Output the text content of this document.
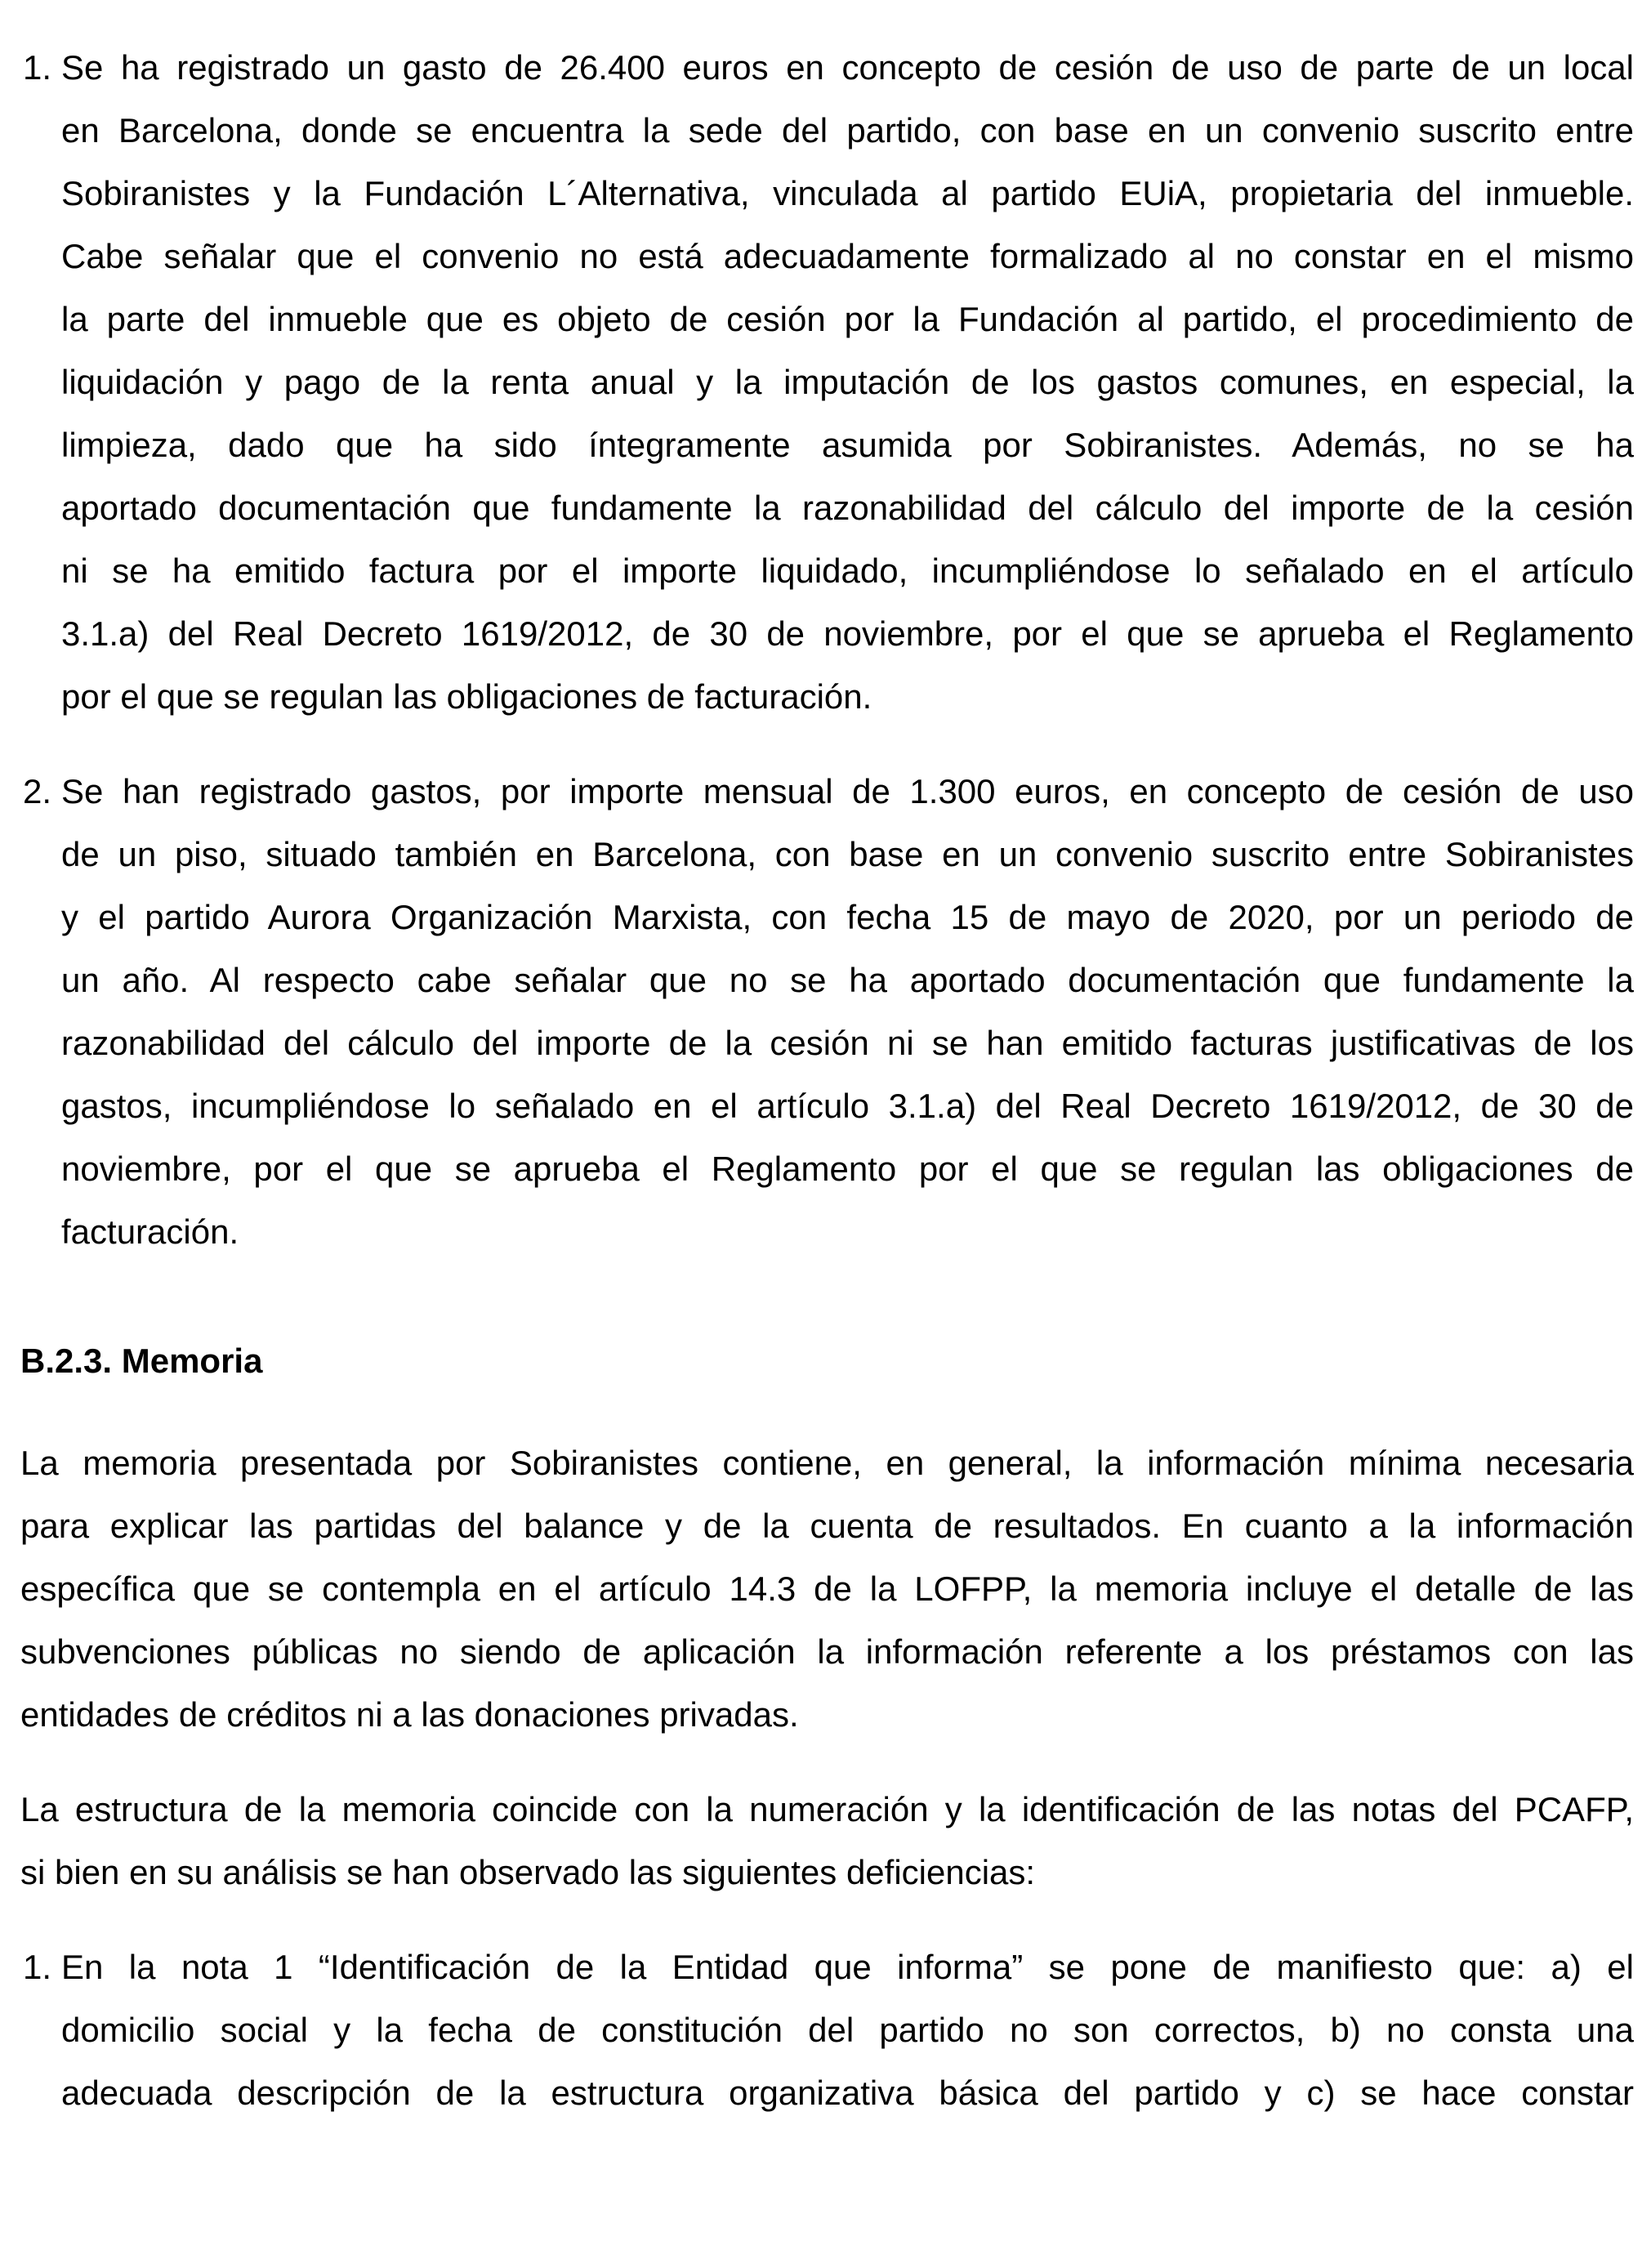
1. Se ha registrado un gasto de 26.400 euros en concepto de cesión de uso de parte de un local
en Barcelona, donde se encuentra la sede del partido, con base en un convenio suscrito entre
Sobiranistes y la Fundación L´Alternativa, vinculada al partido EUiA, propietaria del inmueble.
Cabe señalar que el convenio no está adecuadamente formalizado al no constar en el mismo
la parte del inmueble que es objeto de cesión por la Fundación al partido, el procedimiento de
liquidación y pago de la renta anual y la imputación de los gastos comunes, en especial, la
limpieza, dado que ha sido íntegramente asumida por Sobiranistes. Además, no se ha
aportado documentación que fundamente la razonabilidad del cálculo del importe de la cesión
ni se ha emitido factura por el importe liquidado, incumpliéndose lo señalado en el artículo
3.1.a) del Real Decreto 1619/2012, de 30 de noviembre, por el que se aprueba el Reglamento
por el que se regulan las obligaciones de facturación.
2. Se han registrado gastos, por importe mensual de 1.300 euros, en concepto de cesión de uso
de un piso, situado también en Barcelona, con base en un convenio suscrito entre Sobiranistes
y el partido Aurora Organización Marxista, con fecha 15 de mayo de 2020, por un periodo de
un año. Al respecto cabe señalar que no se ha aportado documentación que fundamente la
razonabilidad del cálculo del importe de la cesión ni se han emitido facturas justificativas de los
gastos, incumpliéndose lo señalado en el artículo 3.1.a) del Real Decreto 1619/2012, de 30 de
noviembre, por el que se aprueba el Reglamento por el que se regulan las obligaciones de
facturación.
B.2.3. Memoria
La memoria presentada por Sobiranistes contiene, en general, la información mínima necesaria
para explicar las partidas del balance y de la cuenta de resultados. En cuanto a la información
específica que se contempla en el artículo 14.3 de la LOFPP, la memoria incluye el detalle de las
subvenciones públicas no siendo de aplicación la información referente a los préstamos con las
entidades de créditos ni a las donaciones privadas.
La estructura de la memoria coincide con la numeración y la identificación de las notas del PCAFP,
si bien en su análisis se han observado las siguientes deficiencias:
1. En la nota 1 “Identificación de la Entidad que informa” se pone de manifiesto que: a) el
domicilio social y la fecha de constitución del partido no son correctos, b) no consta una
adecuada descripción de la estructura organizativa básica del partido y c) se hace constar
